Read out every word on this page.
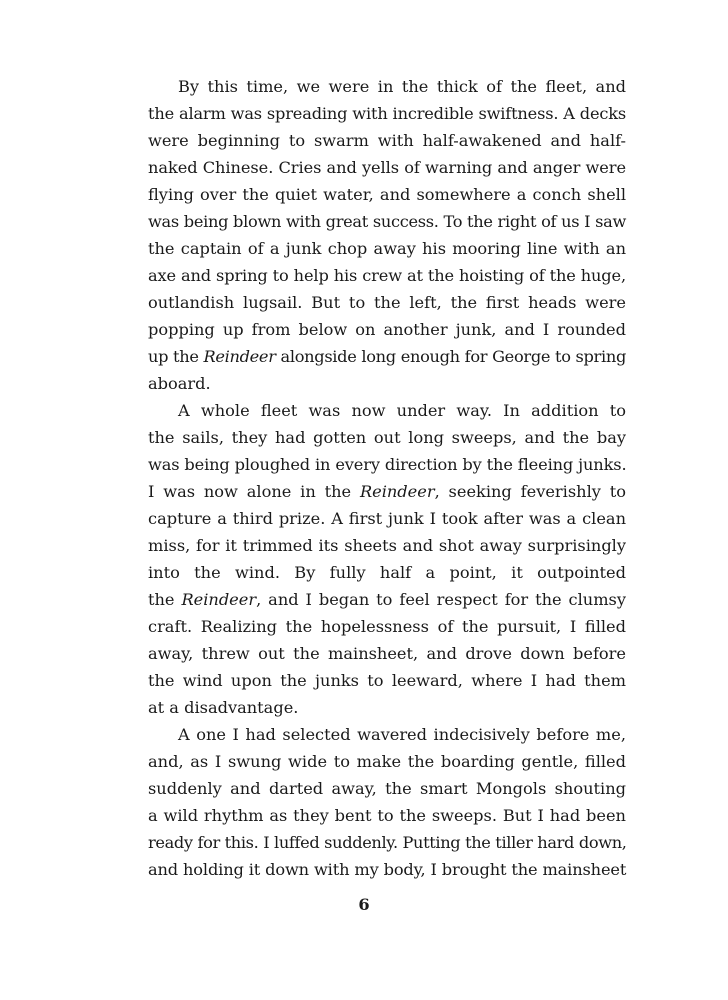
By this time, we were in the thick of the fleet, and
the alarm was spreading with incredible swiftness. A decks
were beginning to swarm with half-awakened and half-
naked Chinese. Cries and yells of warning and anger were
flying over the quiet water, and somewhere a conch shell
was being blown with great success. To the right of us I saw
the captain of a junk chop away his mooring line with an
axe and spring to help his crew at the hoisting of the huge,
outlandish lugsail. But to the left, the first heads were
popping up from below on another junk, and I rounded
up the Reindeer alongside long enough for George to spring
aboard.

A whole fleet was now under way. In addition to
the sails, they had gotten out long sweeps, and the bay
was being ploughed in every direction by the fleeing junks.
I was now alone in the Reindeer, seeking feverishly to
capture a third prize. A first junk I took after was a clean
miss, for it trimmed its sheets and shot away surprisingly
into the wind. By fully half a point, it outpointed
the Reindeer, and I began to feel respect for the clumsy
craft. Realizing the hopelessness of the pursuit, I filled
away, threw out the mainsheet, and drove down before
the wind upon the junks to leeward, where I had them
at a disadvantage.

A one I had selected wavered indecisively before me,
and, as I swung wide to make the boarding gentle, filled
suddenly and darted away, the smart Mongols shouting
a wild rhythm as they bent to the sweeps. But I had been
ready for this. I luffed suddenly. Putting the tiller hard down,
and holding it down with my body, I brought the mainsheet

6
